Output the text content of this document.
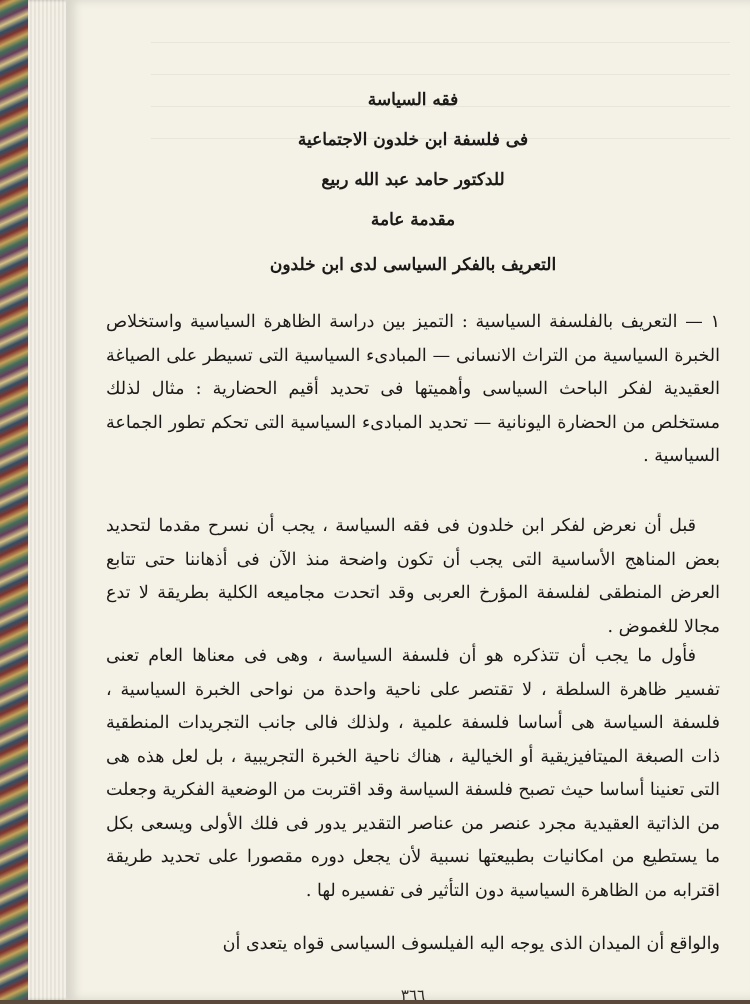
فقه السياسة

فى فلسفة ابن خلدون الاجتماعية

للدكتور حامد عبد الله ربيع

مقدمة عامة

التعريف بالفكر السياسى لدى ابن خلدون

١ — التعريف بالفلسفة السياسية : التميز بين دراسة الظاهرة السياسية واستخلاص الخبرة السياسية من التراث الانسانى — المبادىء السياسية التى تسيطر على الصياغة العقيدية لفكر الباحث السياسى وأهميتها فى تحديد أقيم الحضارية : مثال لذلك مستخلص من الحضارة اليونانية — تحديد المبادىء السياسية التى تحكم تطور الجماعة السياسية .

قبل أن نعرض لفكر ابن خلدون فى فقه السياسة ، يجب أن نسرح مقدما لتحديد بعض المناهج الأساسية التى يجب أن تكون واضحة منذ الآن فى أذهاننا حتى تتابع العرض المنطقى لفلسفة المؤرخ العربى وقد اتحدت مجاميعه الكلية بطريقة لا تدع مجالا للغموض .

فأول ما يجب أن تتذكره هو أن فلسفة السياسة ، وهى فى معناها العام تعنى تفسير ظاهرة السلطة ، لا تقتصر على ناحية واحدة من نواحى الخبرة السياسية ، فلسفة السياسة هى أساسا فلسفة علمية ، ولذلك فالى جانب التجريدات المنطقية ذات الصبغة الميتافيزيقية أو الخيالية ، هناك ناحية الخبرة التجريبية ، بل لعل هذه هى التى تعنينا أساسا حيث تصبح فلسفة السياسة وقد اقتربت من الوضعية الفكرية وجعلت من الذاتية العقيدية مجرد عنصر من عناصر التقدير يدور فى فلك الأولى ويسعى بكل ما يستطيع من امكانيات بطبيعتها نسبية لأن يجعل دوره مقصورا على تحديد طريقة اقترابه من الظاهرة السياسية دون التأثير فى تفسيره لها .

والواقع أن الميدان الذى يوجه اليه الفيلسوف السياسى قواه يتعدى أن

٣٦٦
